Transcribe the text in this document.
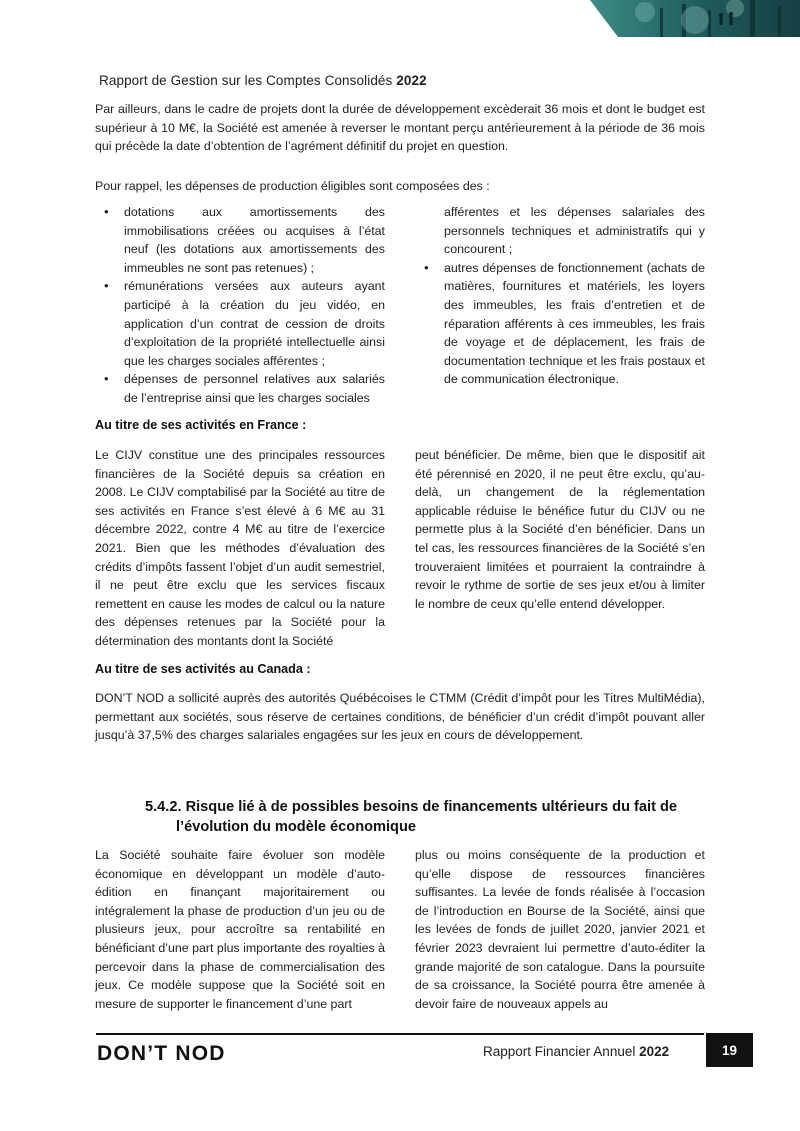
Rapport de Gestion sur les Comptes Consolidés 2022

Par ailleurs, dans le cadre de projets dont la durée de développement excèderait 36 mois et dont le budget est supérieur à 10 M€, la Société est amenée à reverser le montant perçu antérieurement à la période de 36 mois qui précède la date d’obtention de l’agrément définitif du projet en question.

Pour rappel, les dépenses de production éligibles sont composées des :

• dotations aux amortissements des immobilisations créées ou acquises à l’état neuf (les dotations aux amortissements des immeubles ne sont pas retenues) ;
• rémunérations versées aux auteurs ayant participé à la création du jeu vidéo, en application d’un contrat de cession de droits d’exploitation de la propriété intellectuelle ainsi que les charges sociales afférentes ;
• dépenses de personnel relatives aux salariés de l’entreprise ainsi que les charges sociales
afférentes et les dépenses salariales des personnels techniques et administratifs qui y concourent ;
• autres dépenses de fonctionnement (achats de matières, fournitures et matériels, les loyers des immeubles, les frais d’entretien et de réparation afférents à ces immeubles, les frais de voyage et de déplacement, les frais de documentation technique et les frais postaux et de communication électronique.
Au titre de ses activités en France :

Le CIJV constitue une des principales ressources financières de la Société depuis sa création en 2008. Le CIJV comptabilisé par la Société au titre de ses activités en France s’est élevé à 6 M€ au 31 décembre 2022, contre 4 M€ au titre de l’exercice 2021. Bien que les méthodes d’évaluation des crédits d’impôts fassent l’objet d’un audit semestriel, il ne peut être exclu que les services fiscaux remettent en cause les modes de calcul ou la nature des dépenses retenues par la Société pour la détermination des montants dont la Société

peut bénéficier. De même, bien que le dispositif ait été pérennisé en 2020, il ne peut être exclu, qu’au-delà, un changement de la réglementation applicable réduise le bénéfice futur du CIJV ou ne permette plus à la Société d’en bénéficier. Dans un tel cas, les ressources financières de la Société s’en trouveraient limitées et pourraient la contraindre à revoir le rythme de sortie de ses jeux et/ou à limiter le nombre de ceux qu’elle entend développer.

Au titre de ses activités au Canada :

DON’T NOD a sollicité auprès des autorités Québécoises le CTMM (Crédit d’impôt pour les Titres MultiMédia), permettant aux sociétés, sous réserve de certaines conditions, de bénéficier d’un crédit d’impôt pouvant aller jusqu’à 37,5% des charges salariales engagées sur les jeux en cours de développement.

5.4.2. Risque lié à de possibles besoins de financements ultérieurs du fait de
l’évolution du modèle économique

La Société souhaite faire évoluer son modèle économique en développant un modèle d’auto-édition en finançant majoritairement ou intégralement la phase de production d’un jeu ou de plusieurs jeux, pour accroître sa rentabilité en bénéficiant d’une part plus importante des royalties à percevoir dans la phase de commercialisation des jeux. Ce modèle suppose que la Société soit en mesure de supporter le financement d’une part

plus ou moins conséquente de la production et qu’elle dispose de ressources financières suffisantes. La levée de fonds réalisée à l’occasion de l’introduction en Bourse de la Société, ainsi que les levées de fonds de juillet 2020, janvier 2021 et février 2023 devraient lui permettre d’auto-éditer la grande majorité de son catalogue. Dans la poursuite de sa croissance, la Société pourra être amenée à devoir faire de nouveaux appels au

DON’T NOD	Rapport Financier Annuel 2022	19
